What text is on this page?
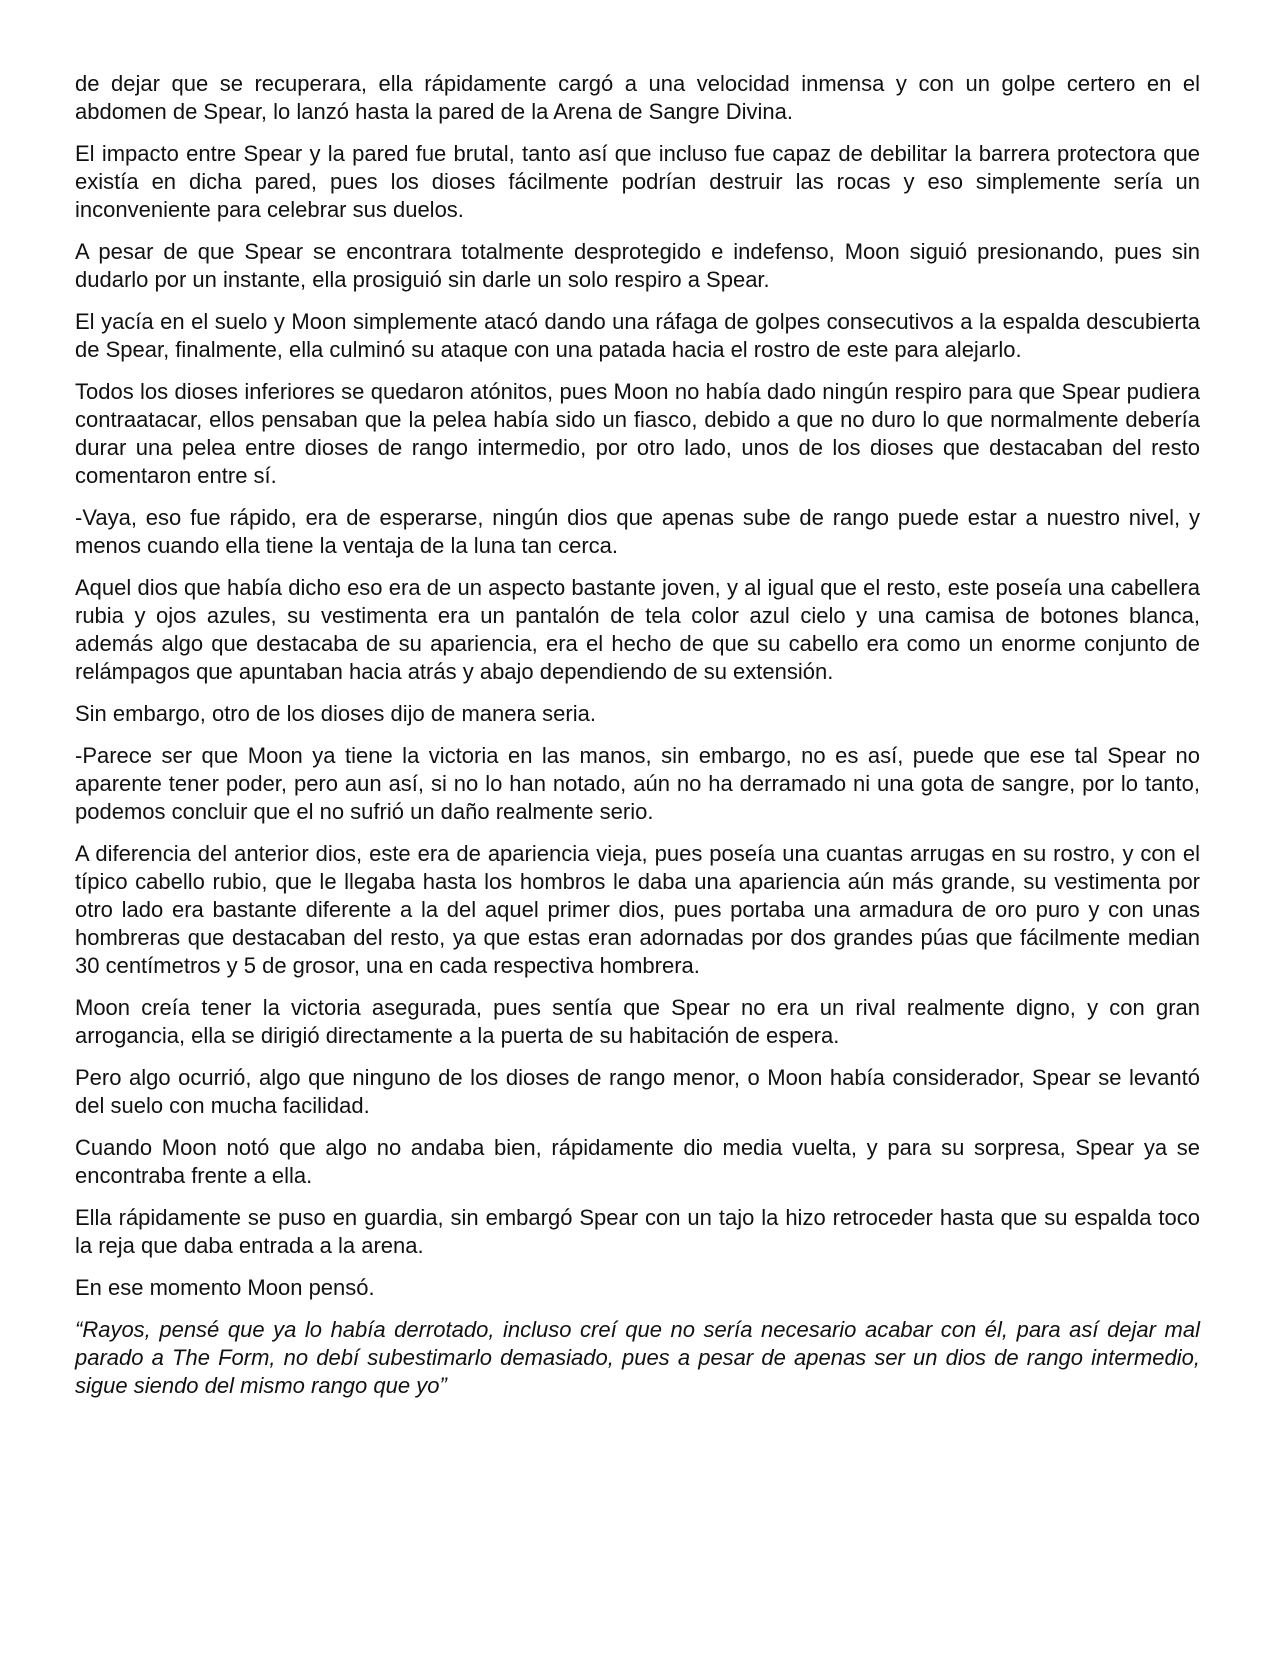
de dejar que se recuperara, ella rápidamente cargó a una velocidad inmensa y con un golpe certero en el abdomen de Spear, lo lanzó hasta la pared de la Arena de Sangre Divina.

El impacto entre Spear y la pared fue brutal, tanto así que incluso fue capaz de debilitar la barrera protectora que existía en dicha pared, pues los dioses fácilmente podrían destruir las rocas y eso simplemente sería un inconveniente para celebrar sus duelos.

A pesar de que Spear se encontrara totalmente desprotegido e indefenso, Moon siguió presionando, pues sin dudarlo por un instante, ella prosiguió sin darle un solo respiro a Spear.

El yacía en el suelo y Moon simplemente atacó dando una ráfaga de golpes consecutivos a la espalda descubierta de Spear, finalmente, ella culminó su ataque con una patada hacia el rostro de este para alejarlo.

Todos los dioses inferiores se quedaron atónitos, pues Moon no había dado ningún respiro para que Spear pudiera contraatacar, ellos pensaban que la pelea había sido un fiasco, debido a que no duro lo que normalmente debería durar una pelea entre dioses de rango intermedio, por otro lado, unos de los dioses que destacaban del resto comentaron entre sí.

-Vaya, eso fue rápido, era de esperarse, ningún dios que apenas sube de rango puede estar a nuestro nivel, y menos cuando ella tiene la ventaja de la luna tan cerca.

Aquel dios que había dicho eso era de un aspecto bastante joven, y al igual que el resto, este poseía una cabellera rubia y ojos azules, su vestimenta era un pantalón de tela color azul cielo y una camisa de botones blanca, además algo que destacaba de su apariencia, era el hecho de que su cabello era como un enorme conjunto de relámpagos que apuntaban hacia atrás y abajo dependiendo de su extensión.

Sin embargo, otro de los dioses dijo de manera seria.

-Parece ser que Moon ya tiene la victoria en las manos, sin embargo, no es así, puede que ese tal Spear no aparente tener poder, pero aun así, si no lo han notado, aún no ha derramado ni una gota de sangre, por lo tanto, podemos concluir que el no sufrió un daño realmente serio.

A diferencia del anterior dios, este era de apariencia vieja, pues poseía una cuantas arrugas en su rostro, y con el típico cabello rubio, que le llegaba hasta los hombros le daba una apariencia aún más grande, su vestimenta por otro lado era bastante diferente a la del aquel primer dios, pues portaba una armadura de oro puro y con unas hombreras que destacaban del resto, ya que estas eran adornadas por dos grandes púas que fácilmente median 30 centímetros y 5 de grosor, una en cada respectiva hombrera.

Moon creía tener la victoria asegurada, pues sentía que Spear no era un rival realmente digno, y con gran arrogancia, ella se dirigió directamente a la puerta de su habitación de espera.

Pero algo ocurrió, algo que ninguno de los dioses de rango menor, o Moon había considerador, Spear se levantó del suelo con mucha facilidad.

Cuando Moon notó que algo no andaba bien, rápidamente dio media vuelta, y para su sorpresa, Spear ya se encontraba frente a ella.

Ella rápidamente se puso en guardia, sin embargó Spear con un tajo la hizo retroceder hasta que su espalda toco la reja que daba entrada a la arena.

En ese momento Moon pensó.

“Rayos, pensé que ya lo había derrotado, incluso creí que no sería necesario acabar con él, para así dejar mal parado a The Form, no debí subestimarlo demasiado, pues a pesar de apenas ser un dios de rango intermedio, sigue siendo del mismo rango que yo”
